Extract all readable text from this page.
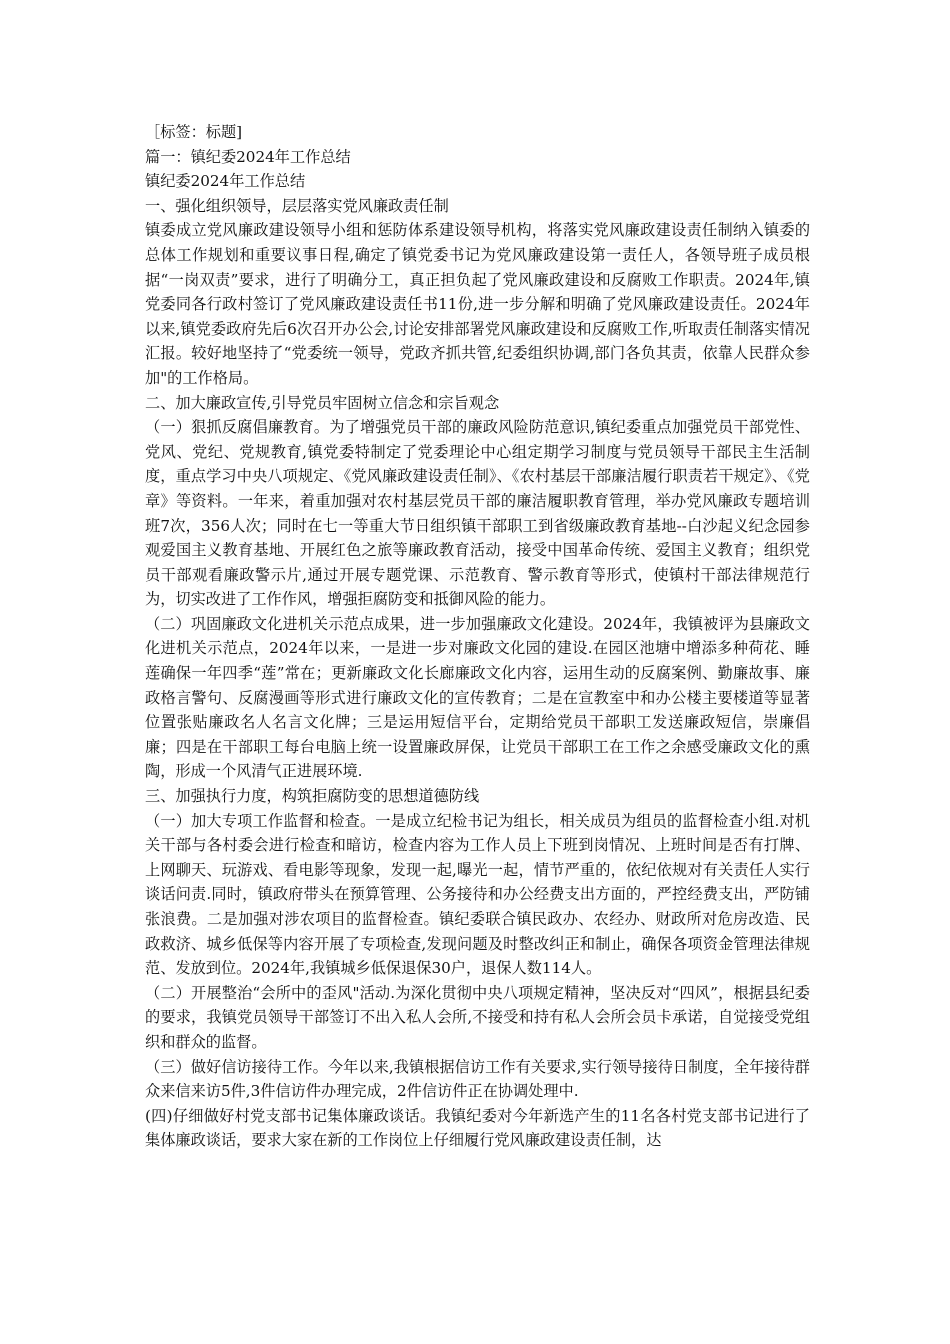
［标签：标题]

篇一：镇纪委2024年工作总结

镇纪委2024年工作总结

一、强化组织领导，层层落实党风廉政责任制

镇委成立党风廉政建设领导小组和惩防体系建设领导机构，将落实党风廉政建设责任制纳入镇委的总体工作规划和重要议事日程,确定了镇党委书记为党风廉政建设第一责任人，各领导班子成员根据“一岗双责”要求，进行了明确分工，真正担负起了党风廉政建设和反腐败工作职责。2024年,镇党委同各行政村签订了党风廉政建设责任书11份,进一步分解和明确了党风廉政建设责任。2024年以来,镇党委政府先后6次召开办公会,讨论安排部署党风廉政建设和反腐败工作,听取责任制落实情况汇报。较好地坚持了“党委统一领导，党政齐抓共管,纪委组织协调,部门各负其责，依靠人民群众参加"的工作格局。

二、加大廉政宣传,引导党员牢固树立信念和宗旨观念

（一）狠抓反腐倡廉教育。为了增强党员干部的廉政风险防范意识,镇纪委重点加强党员干部党性、党风、党纪、党规教育,镇党委特制定了党委理论中心组定期学习制度与党员领导干部民主生活制度，重点学习中央八项规定、《党风廉政建设责任制》、《农村基层干部廉洁履行职责若干规定》、《党章》等资料。一年来，着重加强对农村基层党员干部的廉洁履职教育管理，举办党风廉政专题培训班7次，356人次；同时在七一等重大节日组织镇干部职工到省级廉政教育基地--白沙起义纪念园参观爱国主义教育基地、开展红色之旅等廉政教育活动，接受中国革命传统、爱国主义教育；组织党员干部观看廉政警示片,通过开展专题党课、示范教育、警示教育等形式，使镇村干部法律规范行为，切实改进了工作作风，增强拒腐防变和抵御风险的能力。

（二）巩固廉政文化进机关示范点成果，进一步加强廉政文化建设。2024年，我镇被评为县廉政文化进机关示范点，2024年以来，一是进一步对廉政文化园的建设.在园区池塘中增添多种荷花、睡莲确保一年四季“莲”常在；更新廉政文化长廊廉政文化内容，运用生动的反腐案例、勤廉故事、廉政格言警句、反腐漫画等形式进行廉政文化的宣传教育；二是在宣教室中和办公楼主要楼道等显著位置张贴廉政名人名言文化牌；三是运用短信平台，定期给党员干部职工发送廉政短信，崇廉倡廉；四是在干部职工每台电脑上统一设置廉政屏保，让党员干部职工在工作之余感受廉政文化的熏陶，形成一个风清气正进展环境.

三、加强执行力度，构筑拒腐防变的思想道德防线

（一）加大专项工作监督和检查。一是成立纪检书记为组长，相关成员为组员的监督检查小组.对机关干部与各村委会进行检查和暗访，检查内容为工作人员上下班到岗情况、上班时间是否有打牌、上网聊天、玩游戏、看电影等现象，发现一起,曝光一起，情节严重的，依纪依规对有关责任人实行谈话问责.同时，镇政府带头在预算管理、公务接待和办公经费支出方面的，严控经费支出，严防铺张浪费。二是加强对涉农项目的监督检查。镇纪委联合镇民政办、农经办、财政所对危房改造、民政救济、城乡低保等内容开展了专项检查,发现问题及时整改纠正和制止，确保各项资金管理法律规范、发放到位。2024年,我镇城乡低保退保30户，退保人数114人。

（二）开展整治“会所中的歪风"活动.为深化贯彻中央八项规定精神，坚决反对“四风”，根据县纪委的要求，我镇党员领导干部签订不出入私人会所,不接受和持有私人会所会员卡承诺，自觉接受党组织和群众的监督。

（三）做好信访接待工作。今年以来,我镇根据信访工作有关要求,实行领导接待日制度，全年接待群众来信来访5件,3件信访件办理完成，2件信访件正在协调处理中.

(四)仔细做好村党支部书记集体廉政谈话。我镇纪委对今年新选产生的11名各村党支部书记进行了集体廉政谈话，要求大家在新的工作岗位上仔细履行党风廉政建设责任制，达
